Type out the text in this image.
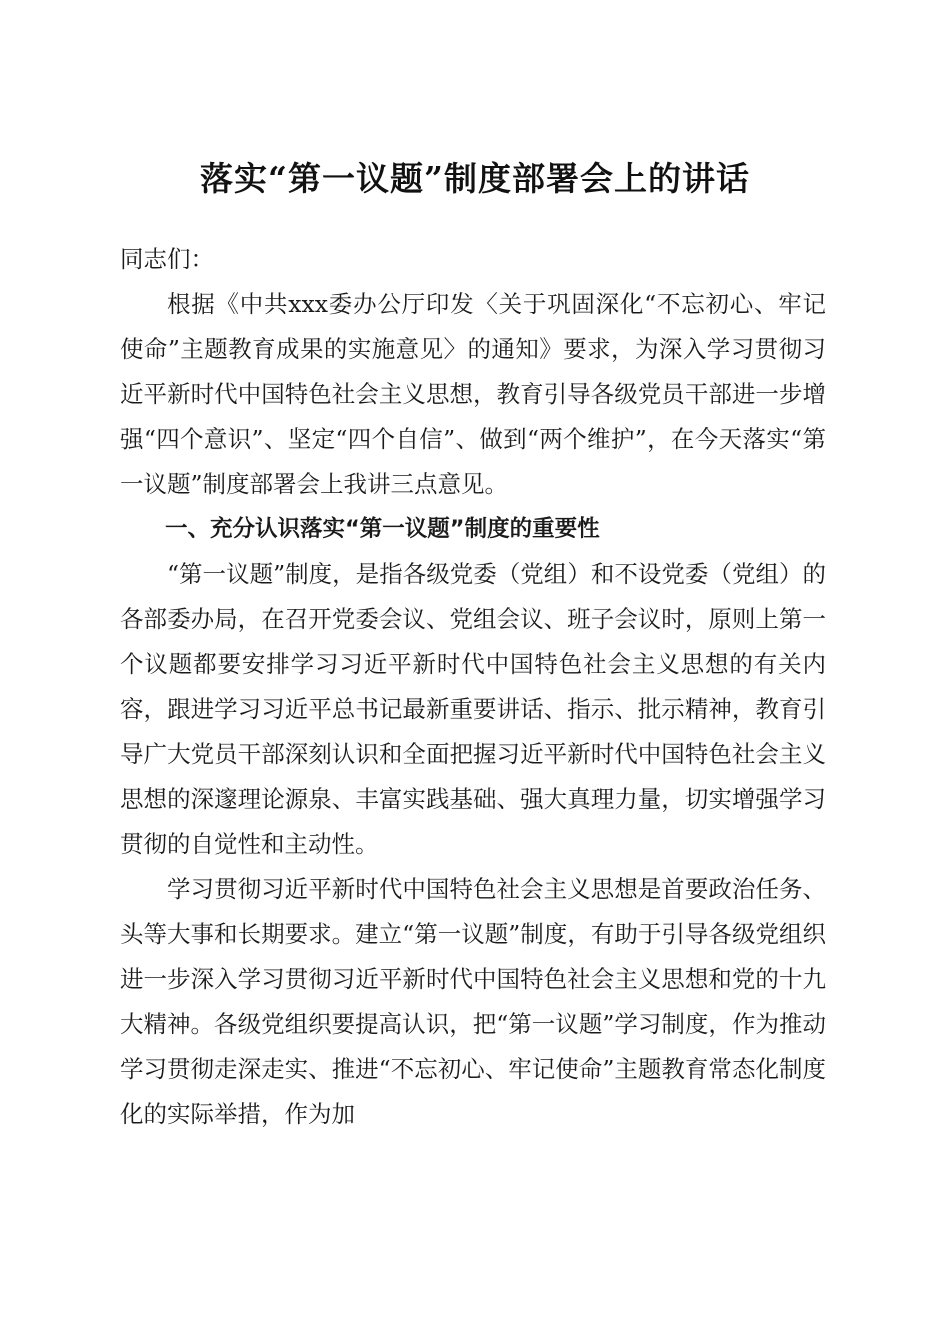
落实“第一议题”制度部署会上的讲话

同志们：

根据《中共xxx委办公厅印发〈关于巩固深化“不忘初心、牢记使命”主题教育成果的实施意见〉的通知》要求，为深入学习贯彻习近平新时代中国特色社会主义思想，教育引导各级党员干部进一步增强“四个意识”、坚定“四个自信”、做到“两个维护”，在今天落实“第一议题”制度部署会上我讲三点意见。

一、充分认识落实“第一议题”制度的重要性

“第一议题”制度，是指各级党委（党组）和不设党委（党组）的各部委办局，在召开党委会议、党组会议、班子会议时，原则上第一个议题都要安排学习习近平新时代中国特色社会主义思想的有关内容，跟进学习习近平总书记最新重要讲话、指示、批示精神，教育引导广大党员干部深刻认识和全面把握习近平新时代中国特色社会主义思想的深邃理论源泉、丰富实践基础、强大真理力量，切实增强学习贯彻的自觉性和主动性。

学习贯彻习近平新时代中国特色社会主义思想是首要政治任务、头等大事和长期要求。建立“第一议题”制度，有助于引导各级党组织进一步深入学习贯彻习近平新时代中国特色社会主义思想和党的十九大精神。各级党组织要提高认识，把“第一议题”学习制度，作为推动学习贯彻走深走实、推进“不忘初心、牢记使命”主题教育常态化制度化的实际举措，作为加
